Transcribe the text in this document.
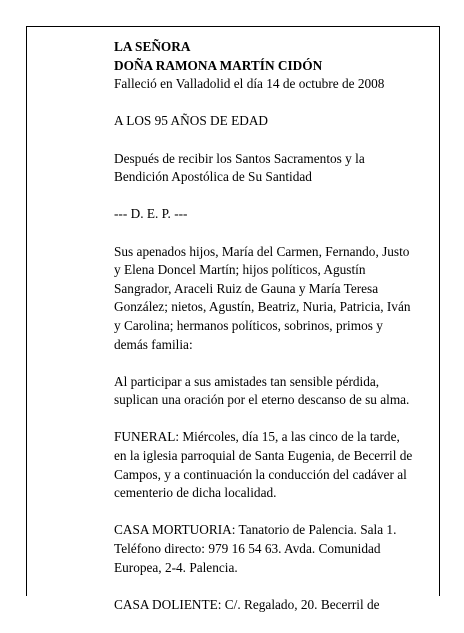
LA SEÑORA
DOÑA RAMONA MARTÍN CIDÓN
Falleció en Valladolid el día 14 de octubre de 2008

A LOS 95 AÑOS DE EDAD

Después de recibir los Santos Sacramentos y la
Bendición Apostólica de Su Santidad

--- D. E. P. ---

Sus apenados hijos, María del Carmen, Fernando, Justo
y Elena Doncel Martín; hijos políticos, Agustín
Sangrador, Araceli Ruiz de Gauna y María Teresa
González; nietos, Agustín, Beatriz, Nuria, Patricia, Iván
y Carolina; hermanos políticos, sobrinos, primos y
demás familia:

Al participar a sus amistades tan sensible pérdida,
suplican una oración por el eterno descanso de su alma.

FUNERAL: Miércoles, día 15, a las cinco de la tarde,
en la iglesia parroquial de Santa Eugenia, de Becerril de
Campos, y a continuación la conducción del cadáver al
cementerio de dicha localidad.

CASA MORTUORIA: Tanatorio de Palencia. Sala 1.
Teléfono directo: 979 16 54 63. Avda. Comunidad
Europea, 2-4. Palencia.

CASA DOLIENTE: C/. Regalado, 20. Becerril de
